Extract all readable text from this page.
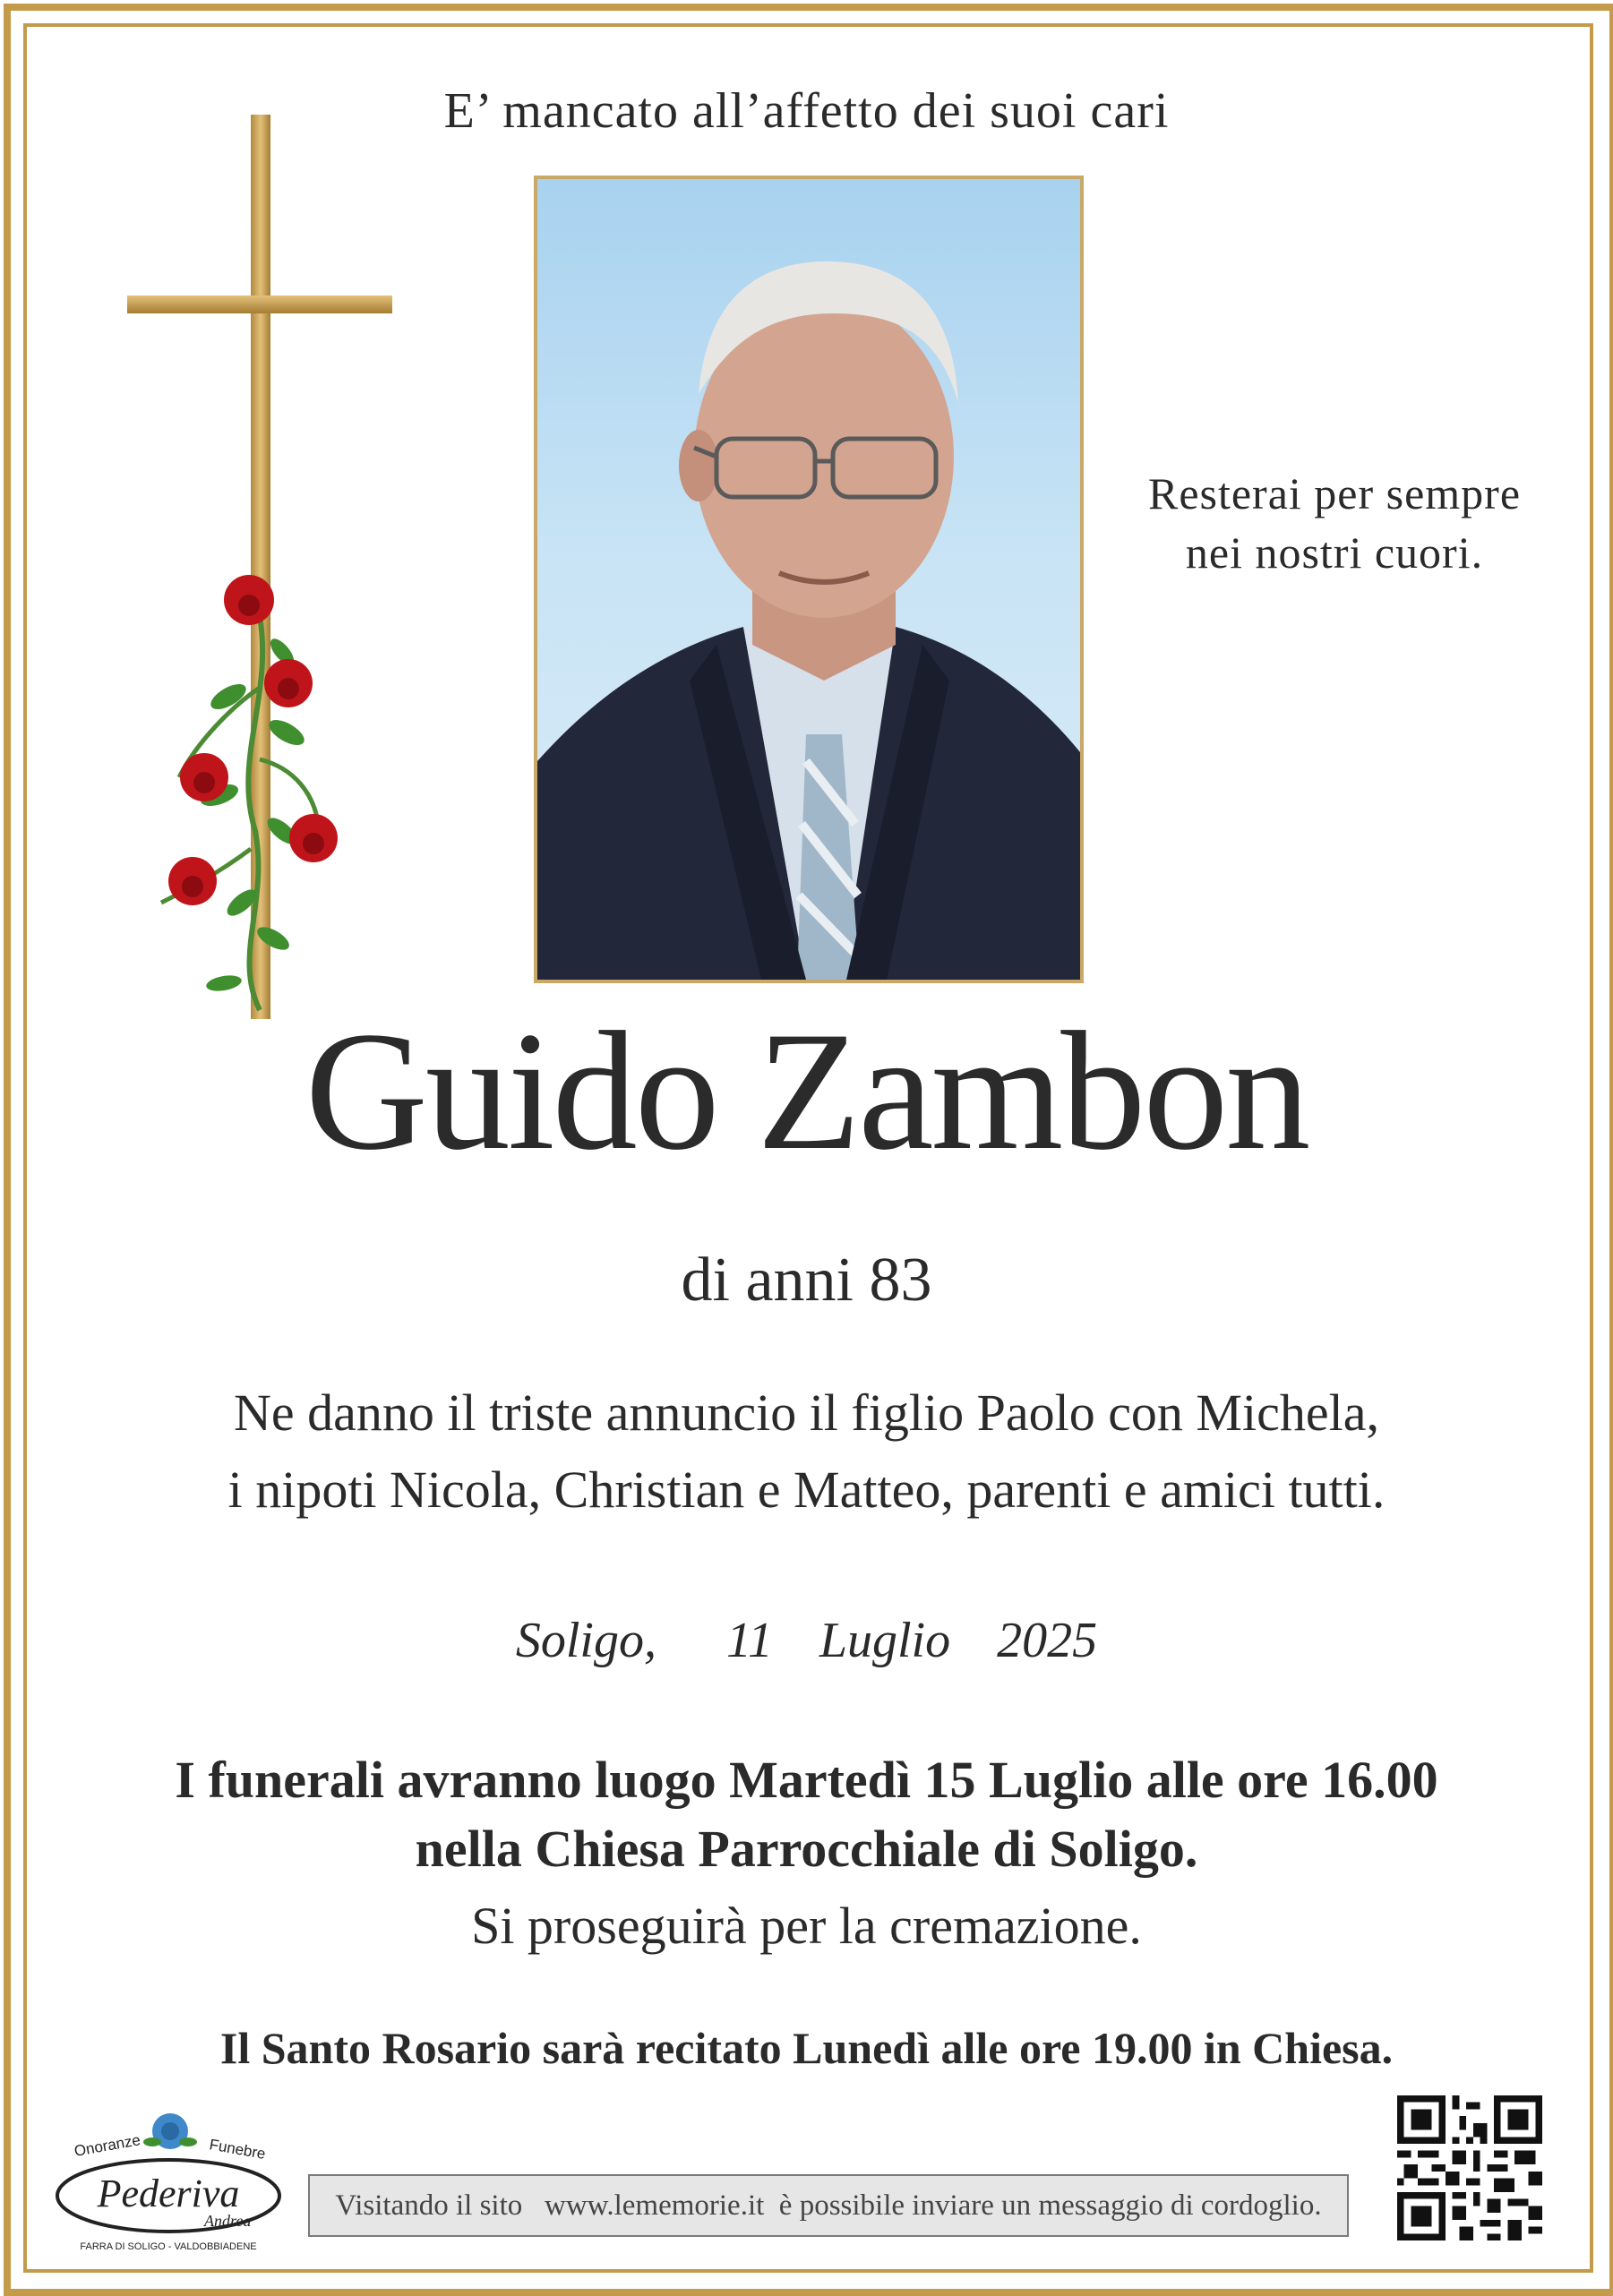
E’ mancato all’affetto dei suoi cari
Resterai per sempre
nei nostri cuori.
Guido Zambon
di anni 83
Ne danno il triste annuncio il figlio Paolo con Michela,
i nipoti Nicola, Christian e Matteo, parenti e amici tutti.
Soligo,   11  Luglio  2025
I funerali avranno luogo Martedì 15 Luglio alle ore 16.00
nella Chiesa Parrocchiale di Soligo.
Si proseguirà per la cremazione.
Il Santo Rosario sarà recitato Lunedì alle ore 19.00 in Chiesa.
Onoranze	Funebre
Pederiva
Andrea
FARRA DI SOLIGO - VALDOBBIADENE
Visitando il sito   www.lememorie.it  è possibile inviare un messaggio di cordoglio.
